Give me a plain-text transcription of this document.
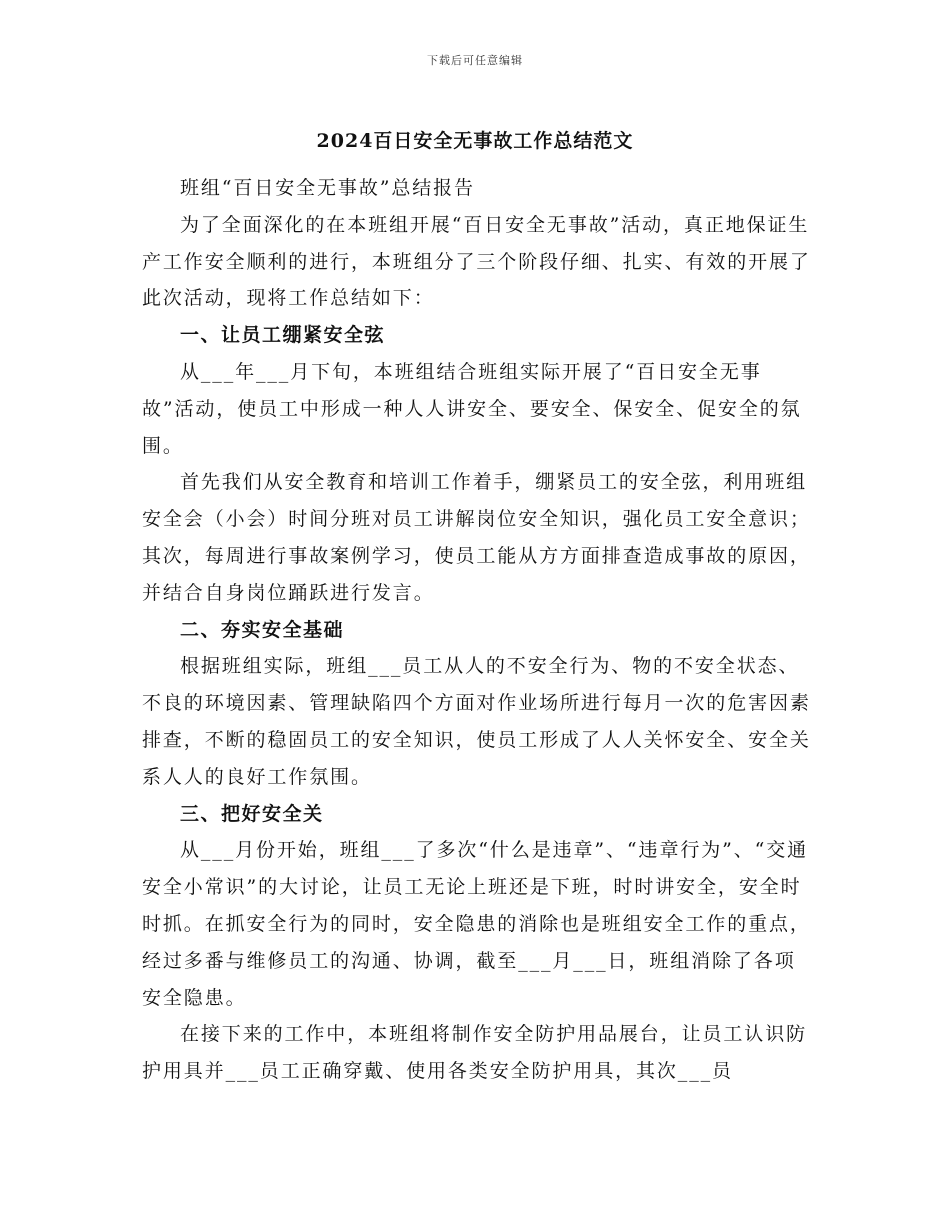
下载后可任意编辑
2024百日安全无事故工作总结范文

班组“百日安全无事故”总结报告

为了全面深化的在本班组开展“百日安全无事故”活动，真正地保证生产工作安全顺利的进行，本班组分了三个阶段仔细、扎实、有效的开展了此次活动，现将工作总结如下：

一、让员工绷紧安全弦

从___年___月下旬，本班组结合班组实际开展了“百日安全无事故”活动，使员工中形成一种人人讲安全、要安全、保安全、促安全的氛围。

首先我们从安全教育和培训工作着手，绷紧员工的安全弦，利用班组安全会（小会）时间分班对员工讲解岗位安全知识，强化员工安全意识；其次，每周进行事故案例学习，使员工能从方方面排查造成事故的原因，并结合自身岗位踊跃进行发言。

二、夯实安全基础

根据班组实际，班组___员工从人的不安全行为、物的不安全状态、不良的环境因素、管理缺陷四个方面对作业场所进行每月一次的危害因素排查，不断的稳固员工的安全知识，使员工形成了人人关怀安全、安全关系人人的良好工作氛围。

三、把好安全关

从___月份开始，班组___了多次“什么是违章”、“违章行为”、“交通安全小常识”的大讨论，让员工无论上班还是下班，时时讲安全，安全时时抓。在抓安全行为的同时，安全隐患的消除也是班组安全工作的重点，经过多番与维修员工的沟通、协调，截至___月___日，班组消除了各项安全隐患。

在接下来的工作中，本班组将制作安全防护用品展台，让员工认识防护用具并___员工正确穿戴、使用各类安全防护用具，其次___员
